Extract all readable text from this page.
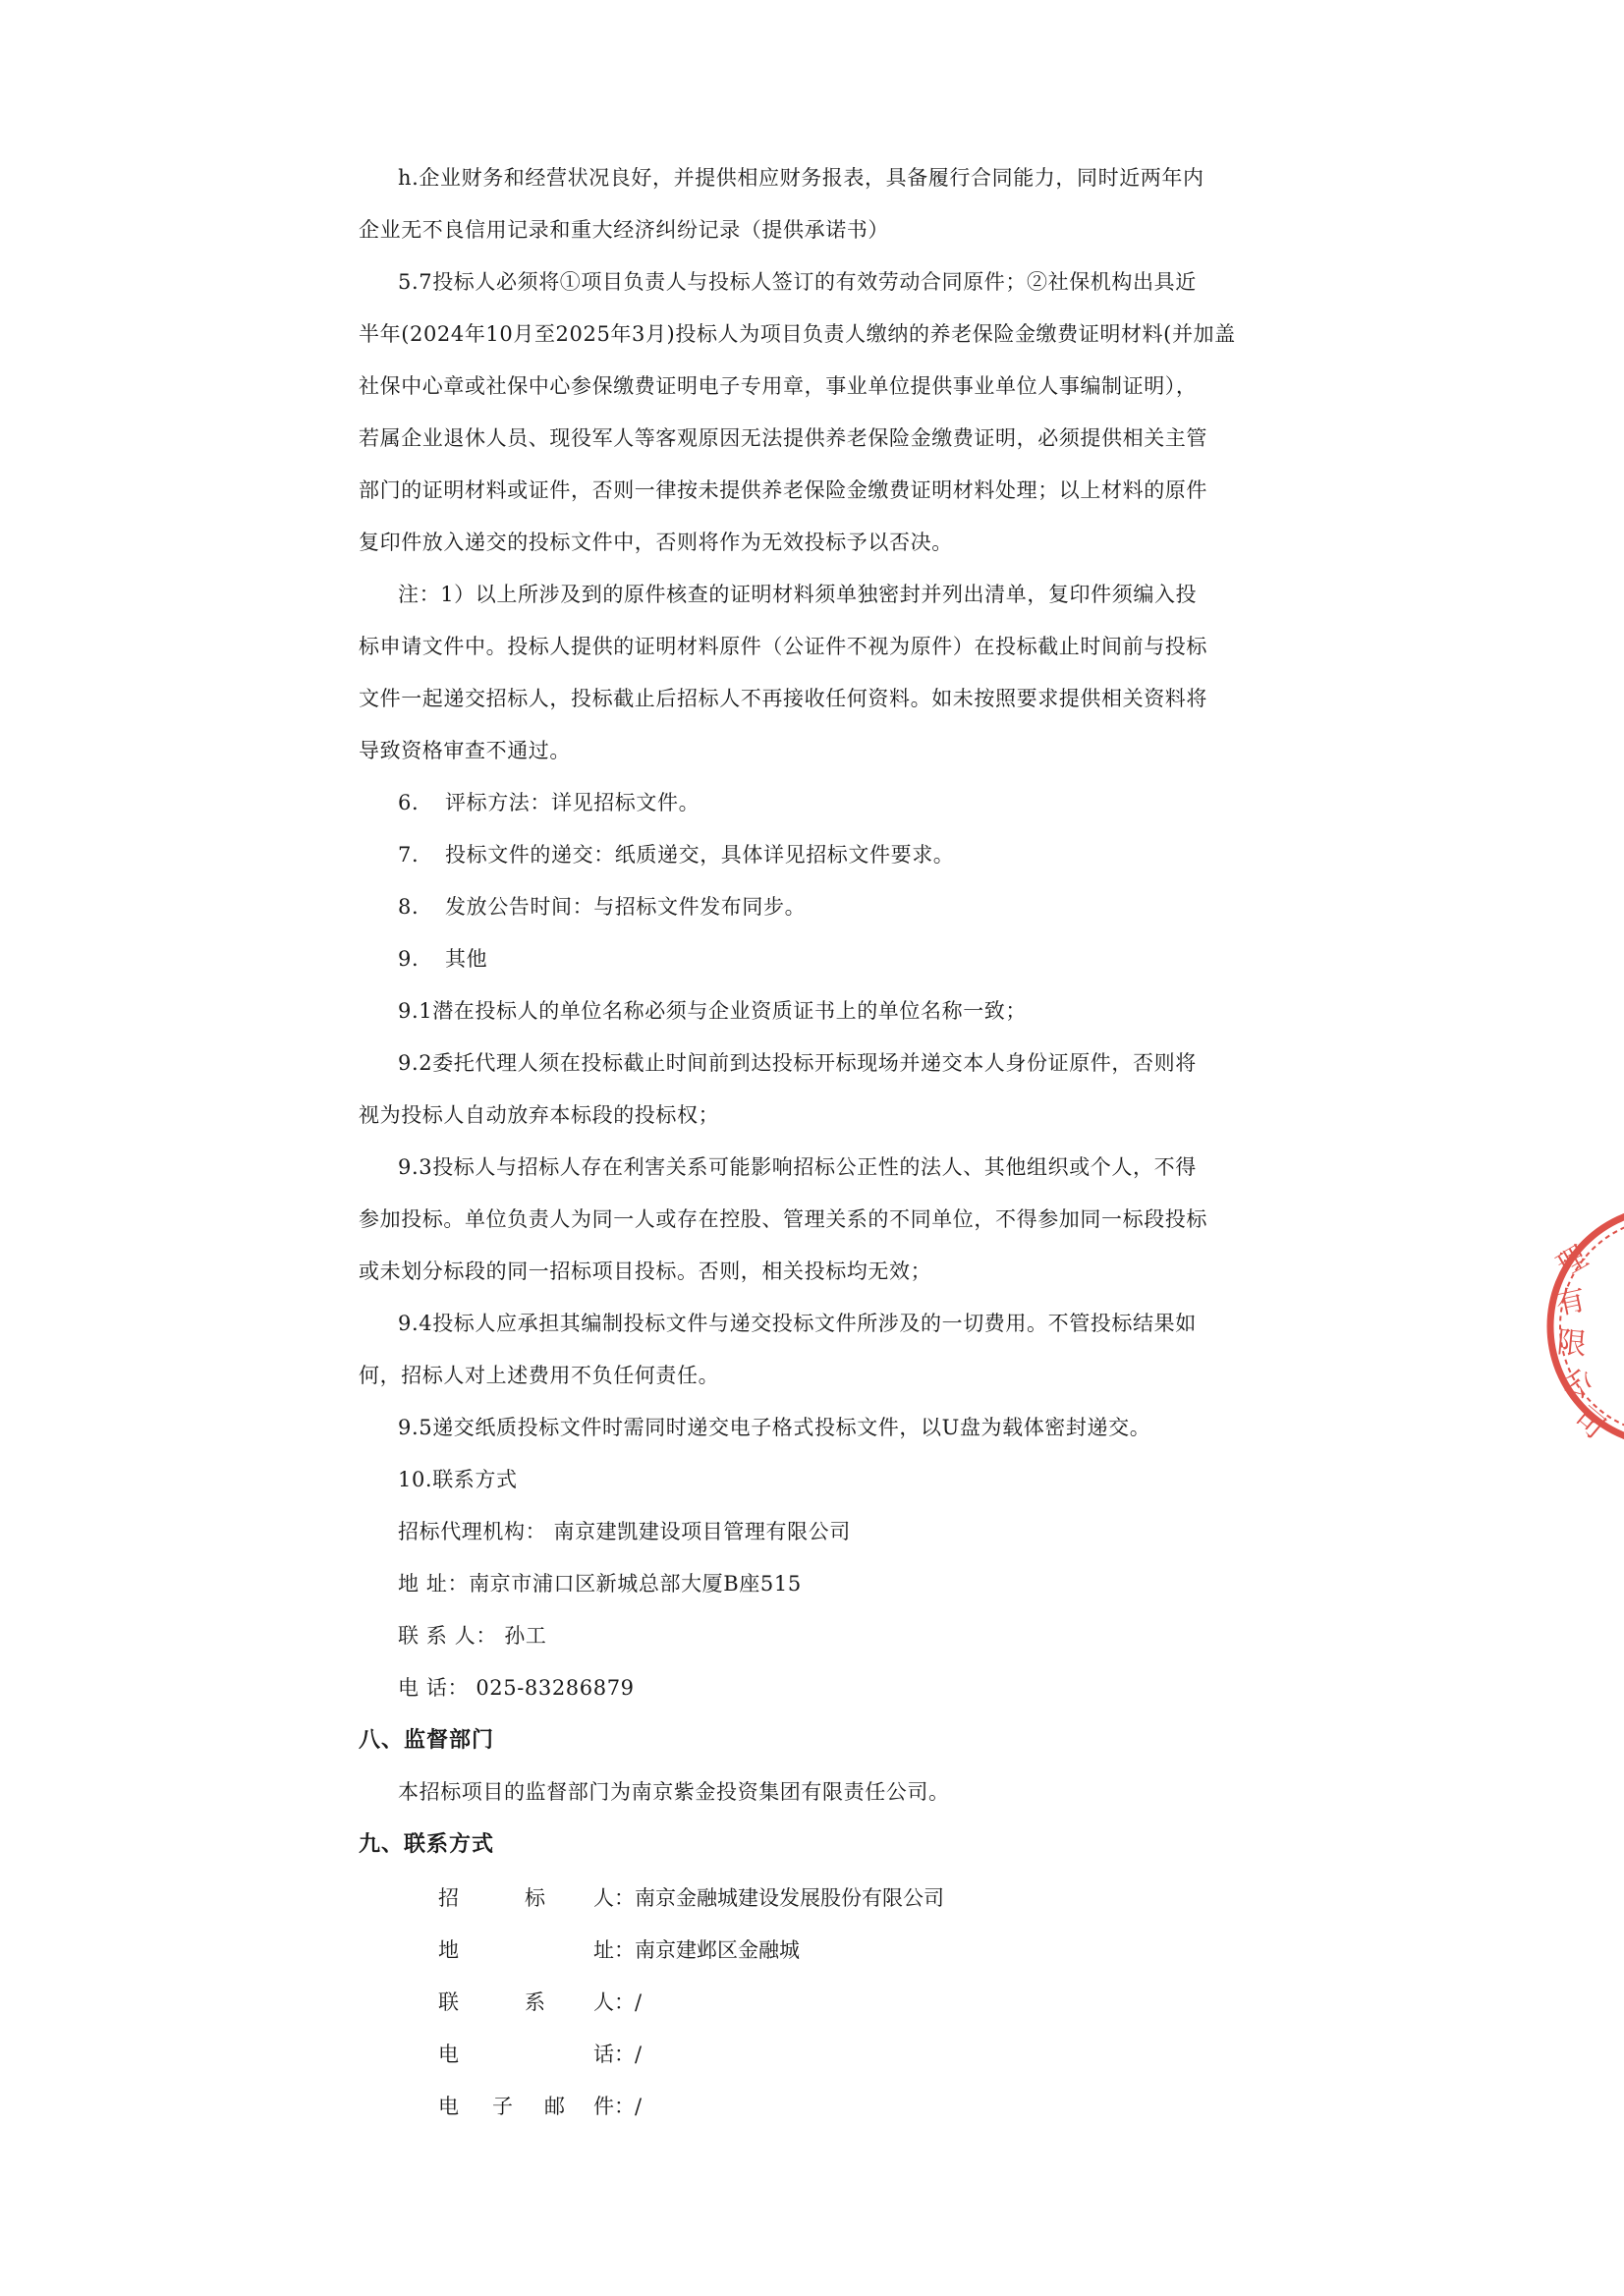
h.企业财务和经营状况良好，并提供相应财务报表，具备履行合同能力，同时近两年内
企业无不良信用记录和重大经济纠纷记录（提供承诺书）
5.7投标人必须将①项目负责人与投标人签订的有效劳动合同原件；②社保机构出具近
半年(2024年10月至2025年3月)投标人为项目负责人缴纳的养老保险金缴费证明材料(并加盖
社保中心章或社保中心参保缴费证明电子专用章，事业单位提供事业单位人事编制证明），
若属企业退休人员、现役军人等客观原因无法提供养老保险金缴费证明，必须提供相关主管
部门的证明材料或证件，否则一律按未提供养老保险金缴费证明材料处理；以上材料的原件
复印件放入递交的投标文件中，否则将作为无效投标予以否决。
注：1）以上所涉及到的原件核查的证明材料须单独密封并列出清单，复印件须编入投
标申请文件中。投标人提供的证明材料原件（公证件不视为原件）在投标截止时间前与投标
文件一起递交招标人，投标截止后招标人不再接收任何资料。如未按照要求提供相关资料将
导致资格审查不通过。
6. 评标方法：详见招标文件。
7. 投标文件的递交：纸质递交，具体详见招标文件要求。
8. 发放公告时间：与招标文件发布同步。
9. 其他
9.1潜在投标人的单位名称必须与企业资质证书上的单位名称一致；
9.2委托代理人须在投标截止时间前到达投标开标现场并递交本人身份证原件，否则将
视为投标人自动放弃本标段的投标权；
9.3投标人与招标人存在利害关系可能影响招标公正性的法人、其他组织或个人，不得
参加投标。单位负责人为同一人或存在控股、管理关系的不同单位，不得参加同一标段投标
或未划分标段的同一招标项目投标。否则，相关投标均无效；
9.4投标人应承担其编制投标文件与递交投标文件所涉及的一切费用。不管投标结果如
何，招标人对上述费用不负任何责任。
9.5递交纸质投标文件时需同时递交电子格式投标文件，以U盘为载体密封递交。
10.联系方式
招标代理机构： 南京建凯建设项目管理有限公司
地 址：南京市浦口区新城总部大厦B座515
联 系 人： 孙工
电 话： 025-83286879
八、监督部门
本招标项目的监督部门为南京紫金投资集团有限责任公司。
九、联系方式
招	标 人：南京金融城建设发展股份有限公司
地	址：南京建邺区金融城
联	系 人：/
电	话：/
电 子 邮 件：/
理
有
限
公
司
